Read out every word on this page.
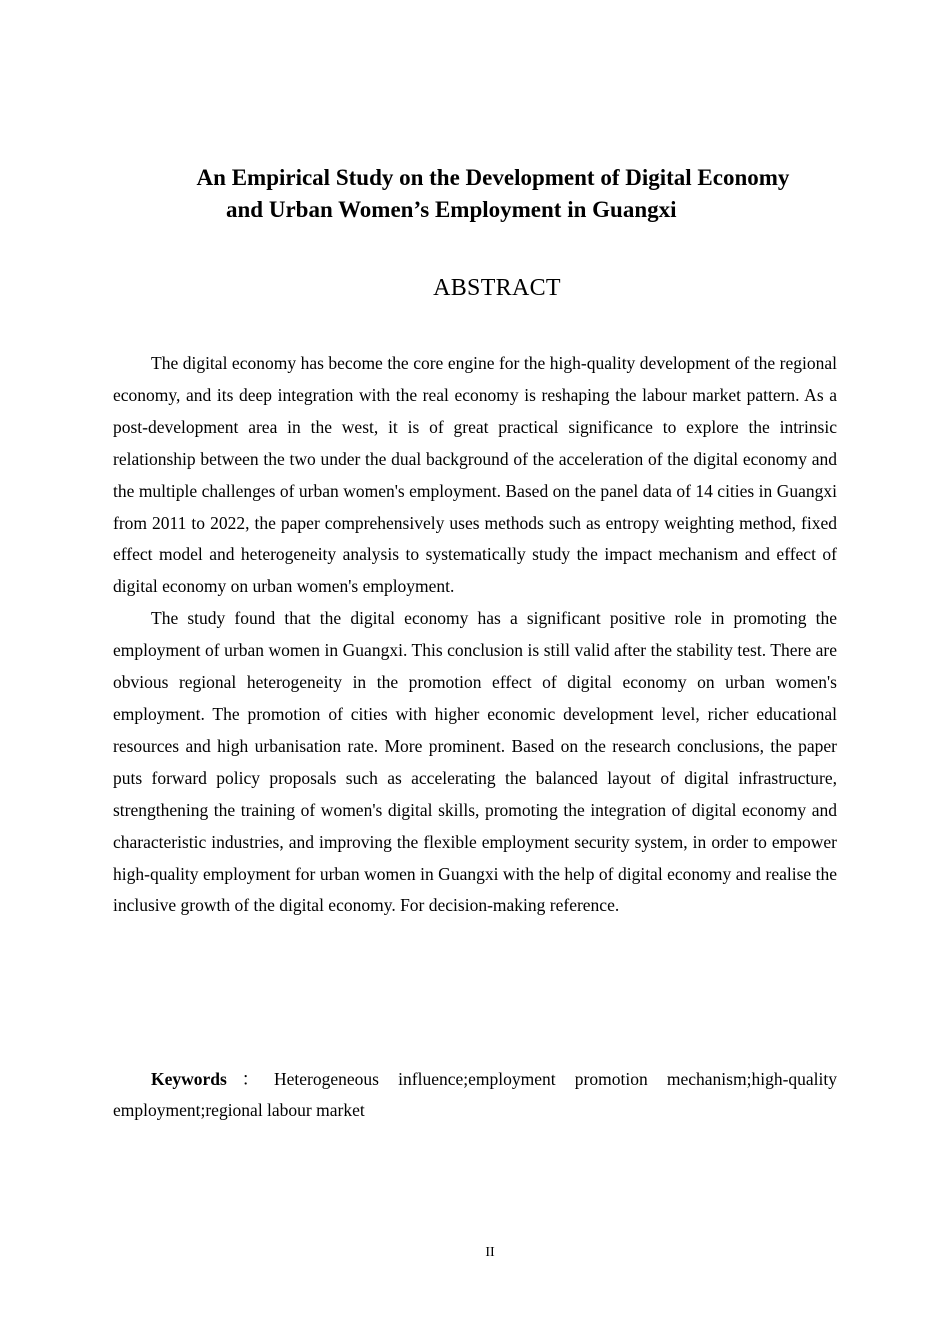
An Empirical Study on the Development of Digital Economy
and Urban Women’s Employment in Guangxi
ABSTRACT

The digital economy has become the core engine for the high-quality development of the regional economy, and its deep integration with the real economy is reshaping the labour market pattern. As a post-development area in the west, it is of great practical significance to explore the intrinsic relationship between the two under the dual background of the acceleration of the digital economy and the multiple challenges of urban women's employment. Based on the panel data of 14 cities in Guangxi from 2011 to 2022, the paper comprehensively uses methods such as entropy weighting method, fixed effect model and heterogeneity analysis to systematically study the impact mechanism and effect of digital economy on urban women's employment.

The study found that the digital economy has a significant positive role in promoting the employment of urban women in Guangxi. This conclusion is still valid after the stability test. There are obvious regional heterogeneity in the promotion effect of digital economy on urban women's employment. The promotion of cities with higher economic development level, richer educational resources and high urbanisation rate. More prominent. Based on the research conclusions, the paper puts forward policy proposals such as accelerating the balanced layout of digital infrastructure, strengthening the training of women's digital skills, promoting the integration of digital economy and characteristic industries, and improving the flexible employment security system, in order to empower high-quality employment for urban women in Guangxi with the help of digital economy and realise the inclusive growth of the digital economy. For decision-making reference.

Keywords：Heterogeneous influence;employment promotion mechanism;high-quality employment;regional labour market
II
